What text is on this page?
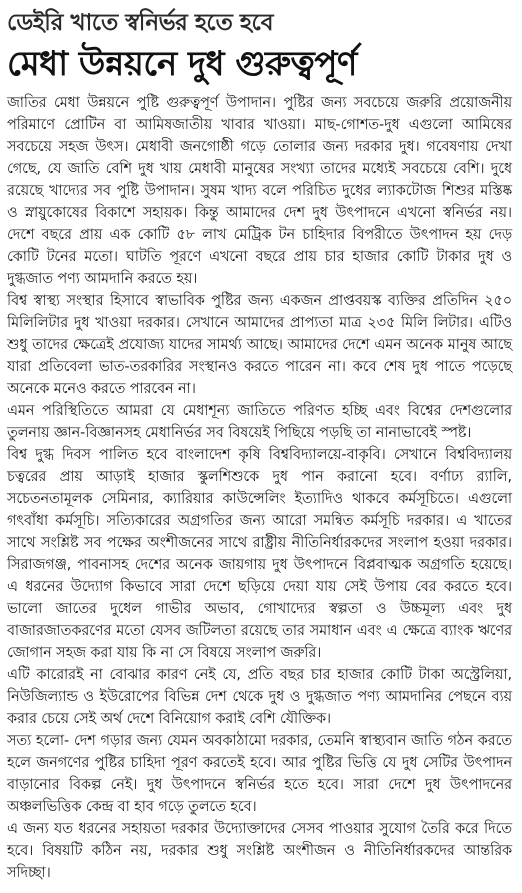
ডেইরি খাতে স্বনির্ভর হতে হবে
মেধা উন্নয়নে দুধ গুরুত্বপূর্ণ

জাতির মেধা উন্নয়নে পুষ্টি গুরুত্বপূর্ণ উপাদান। পুষ্টির জন্য সবচেয়ে জরুরি প্রয়োজনীয় পরিমাণে প্রোটিন বা আমিষজাতীয় খাবার খাওয়া। মাছ-গোশত-দুধ এগুলো আমিষের সবচেয়ে সহজ উৎস। মেধাবী জনগোষ্ঠী গড়ে তোলার জন্য দরকার দুধ। গবেষণায় দেখা গেছে, যে জাতি বেশি দুধ খায় মেধাবী মানুষের সংখ্যা তাদের মধ্যেই সবচেয়ে বেশি। দুধে রয়েছে খাদ্যের সব পুষ্টি উপাদান। সুষম খাদ্য বলে পরিচিত দুধের ল্যাকটোজ শিশুর মস্তিষ্ক ও স্নায়ুকোষের বিকাশে সহায়ক। কিন্তু আমাদের দেশ দুধ উৎপাদনে এখনো স্বনির্ভর নয়। দেশে বছরে প্রায় এক কোটি ৫৮ লাখ মেট্রিক টন চাহিদার বিপরীতে উৎপাদন হয় দেড় কোটি টনের মতো। ঘাটতি পূরণে এখনো বছরে প্রায় চার হাজার কোটি টাকার দুধ ও দুগ্ধজাত পণ্য আমদানি করতে হয়।

বিশ্ব স্বাস্থ্য সংস্থার হিসাবে স্বাভাবিক পুষ্টির জন্য একজন প্রাপ্তবয়স্ক ব্যক্তির প্রতিদিন ২৫০ মিলিলিটার দুধ খাওয়া দরকার। সেখানে আমাদের প্রাপ্যতা মাত্র ২৩৫ মিলি লিটার। এটিও শুধু তাদের ক্ষেত্রেই প্রযোজ্য যাদের সামর্থ্য আছে। আমাদের দেশে এমন অনেক মানুষ আছে যারা প্রতিবেলা ভাত-তরকারির সংস্থানও করতে পারেন না। কবে শেষ দুধ পাতে পড়েছে অনেকে মনেও করতে পারবেন না।

এমন পরিস্থিতিতে আমরা যে মেধাশূন্য জাতিতে পরিণত হচ্ছি এবং বিশ্বের দেশগুলোর তুলনায় জ্ঞান-বিজ্ঞানসহ মেধানির্ভর সব বিষয়েই পিছিয়ে পড়ছি তা নানাভাবেই স্পষ্ট।

বিশ্ব দুগ্ধ দিবস পালিত হবে বাংলাদেশ কৃষি বিশ্ববিদ্যালয়ে-বাকৃবি। সেখানে বিশ্ববিদ্যালয় চত্বরের প্রায় আড়াই হাজার স্কুলশিশুকে দুধ পান করানো হবে। বর্ণাঢ্য র‍্যালি, সচেতনতামূলক সেমিনার, ক্যারিয়ার কাউন্সেলিং ইত্যাদিও থাকবে কর্মসূচিতে। এগুলো গৎবাঁধা কর্মসূচি। সত্যিকারের অগ্রগতির জন্য আরো সমন্বিত কর্মসূচি দরকার। এ খাতের সাথে সংশ্লিষ্ট সব পক্ষের অংশীজনের সাথে রাষ্ট্রীয় নীতিনির্ধারকদের সংলাপ হওয়া দরকার। সিরাজগঞ্জ, পাবনাসহ দেশের অনেক জায়গায় দুধ উৎপাদনে বিপ্লবাত্মক অগ্রগতি হয়েছে। এ ধরনের উদ্যোগ কিভাবে সারা দেশে ছড়িয়ে দেয়া যায় সেই উপায় বের করতে হবে। ভালো জাতের দুধেল গাভীর অভাব, গোখাদ্যের স্বল্পতা ও উচ্চমূল্য এবং দুধ বাজারজাতকরণের মতো যেসব জটিলতা রয়েছে তার সমাধান এবং এ ক্ষেত্রে ব্যাংক ঋণের জোগান সহজ করা যায় কি না সে বিষয়ে সংলাপ জরুরি।

এটি কারোরই না বোঝার কারণ নেই যে, প্রতি বছর চার হাজার কোটি টাকা অস্ট্রেলিয়া, নিউজিল্যান্ড ও ইউরোপের বিভিন্ন দেশ থেকে দুধ ও দুগ্ধজাত পণ্য আমদানির পেছনে ব্যয় করার চেয়ে সেই অর্থ দেশে বিনিয়োগ করাই বেশি যৌক্তিক।

সত্য হলো- দেশ গড়ার জন্য যেমন অবকাঠামো দরকার, তেমনি স্বাস্থ্যবান জাতি গঠন করতে হলে জনগণের পুষ্টির চাহিদা পূরণ করতেই হবে। আর পুষ্টির ভিত্তি যে দুধ সেটির উৎপাদন বাড়ানোর বিকল্প নেই। দুধ উৎপাদনে স্বনির্ভর হতে হবে। সারা দেশে দুধ উৎপাদনের অঞ্চলভিত্তিক কেন্দ্র বা হাব গড়ে তুলতে হবে।

এ জন্য যত ধরনের সহায়তা দরকার উদ্যোক্তাদের সেসব পাওয়ার সুযোগ তৈরি করে দিতে হবে। বিষয়টি কঠিন নয়, দরকার শুধু সংশ্লিষ্ট অংশীজন ও নীতিনির্ধারকদের আন্তরিক সদিচ্ছা।
